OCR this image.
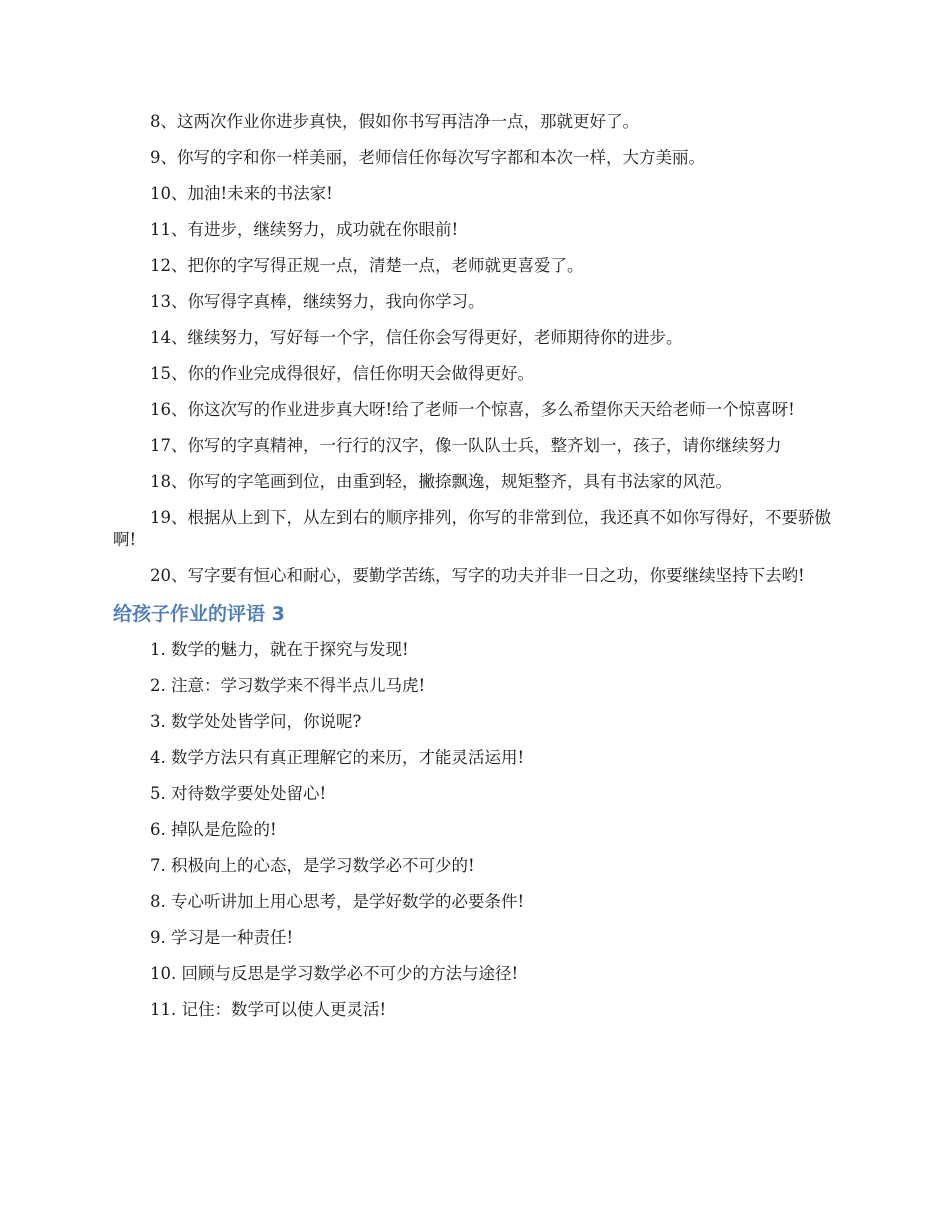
8、这两次作业你进步真快，假如你书写再洁净一点，那就更好了。

9、你写的字和你一样美丽，老师信任你每次写字都和本次一样，大方美丽。

10、加油!未来的书法家!

11、有进步，继续努力，成功就在你眼前!

12、把你的字写得正规一点，清楚一点，老师就更喜爱了。

13、你写得字真棒，继续努力，我向你学习。

14、继续努力，写好每一个字，信任你会写得更好，老师期待你的进步。

15、你的作业完成得很好，信任你明天会做得更好。

16、你这次写的作业进步真大呀!给了老师一个惊喜，多么希望你天天给老师一个惊喜呀!

17、你写的字真精神，一行行的汉字，像一队队士兵，整齐划一，孩子，请你继续努力

18、你写的字笔画到位，由重到轻，撇捺飘逸，规矩整齐，具有书法家的风范。

19、根据从上到下，从左到右的顺序排列，你写的非常到位，我还真不如你写得好，不要骄傲啊!

20、写字要有恒心和耐心，要勤学苦练，写字的功夫并非一日之功，你要继续坚持下去哟!

给孩子作业的评语 3
1. 数学的魅力，就在于探究与发现!
2. 注意：学习数学来不得半点儿马虎!
3. 数学处处皆学问，你说呢?
4. 数学方法只有真正理解它的来历，才能灵活运用!
5. 对待数学要处处留心!
6. 掉队是危险的!
7. 积极向上的心态，是学习数学必不可少的!
8. 专心听讲加上用心思考，是学好数学的必要条件!
9. 学习是一种责任!
10. 回顾与反思是学习数学必不可少的方法与途径!
11. 记住：数学可以使人更灵活!
